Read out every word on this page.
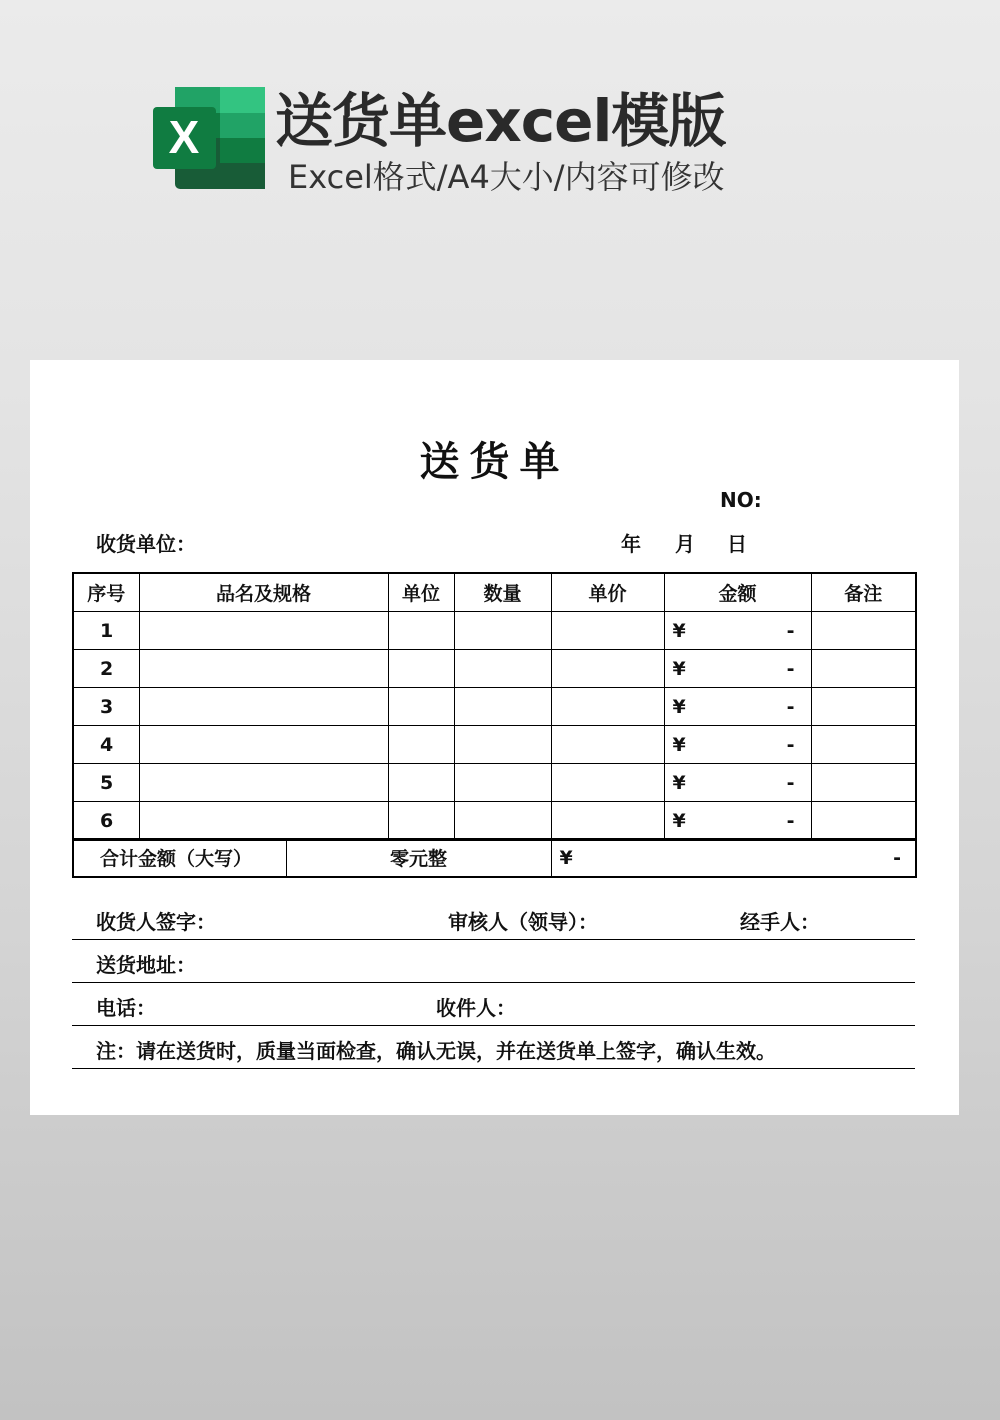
X 送货单excel模版

Excel格式/A4大小/内容可修改

送货单
NO:
收货单位：	年 月 日
序号	品名及规格	单位	数量	单价	金额	备注
1					¥ -	

2					¥ -	

3					¥ -	

4					¥ -	

5					¥ -	

6					¥ -	

合计金额（大写）	零元整	¥	-
收货人签字：	审核人（领导）：	经手人：
送货地址：
电话：	收件人：
注：请在送货时，质量当面检查，确认无误，并在送货单上签字，确认生效。
